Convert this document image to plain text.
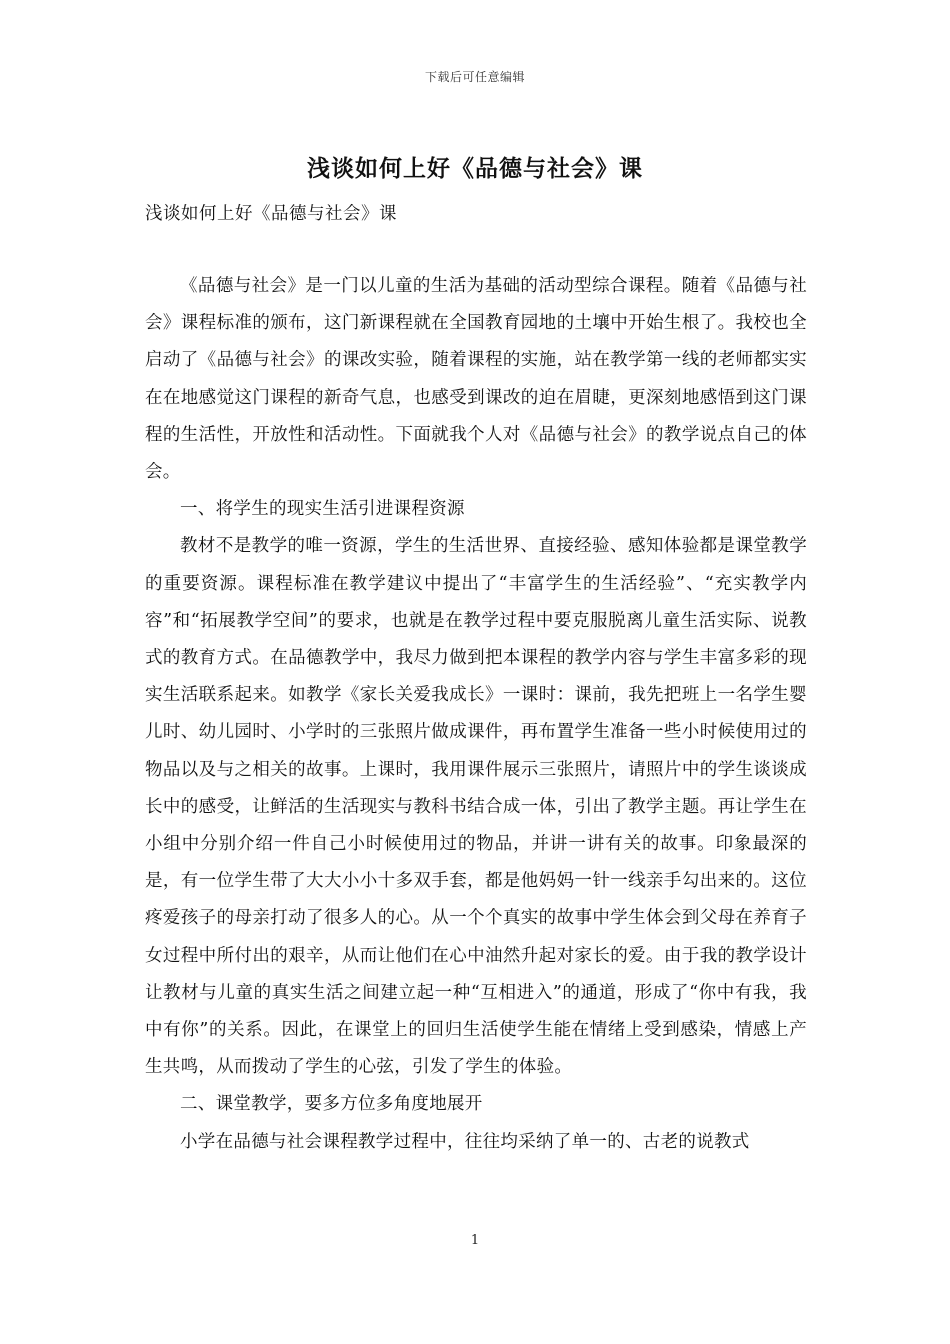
下载后可任意编辑
浅谈如何上好《品德与社会》课
浅谈如何上好《品德与社会》课

《品德与社会》是一门以儿童的生活为基础的活动型综合课程。随着《品德与社会》课程标准的颁布，这门新课程就在全国教育园地的土壤中开始生根了。我校也全启动了《品德与社会》的课改实验，随着课程的实施，站在教学第一线的老师都实实在在地感觉这门课程的新奇气息，也感受到课改的迫在眉睫，更深刻地感悟到这门课程的生活性，开放性和活动性。下面就我个人对《品德与社会》的教学说点自己的体会。

一、将学生的现实生活引进课程资源

教材不是教学的唯一资源，学生的生活世界、直接经验、感知体验都是课堂教学的重要资源。课程标准在教学建议中提出了“丰富学生的生活经验”、“充实教学内容”和“拓展教学空间”的要求，也就是在教学过程中要克服脱离儿童生活实际、说教式的教育方式。在品德教学中，我尽力做到把本课程的教学内容与学生丰富多彩的现实生活联系起来。如教学《家长关爱我成长》一课时：课前，我先把班上一名学生婴儿时、幼儿园时、小学时的三张照片做成课件，再布置学生准备一些小时候使用过的物品以及与之相关的故事。上课时，我用课件展示三张照片，请照片中的学生谈谈成长中的感受，让鲜活的生活现实与教科书结合成一体，引出了教学主题。再让学生在小组中分别介绍一件自己小时候使用过的物品，并讲一讲有关的故事。印象最深的是，有一位学生带了大大小小十多双手套，都是他妈妈一针一线亲手勾出来的。这位疼爱孩子的母亲打动了很多人的心。从一个个真实的故事中学生体会到父母在养育子女过程中所付出的艰辛，从而让他们在心中油然升起对家长的爱。由于我的教学设计让教材与儿童的真实生活之间建立起一种“互相进入”的通道，形成了“你中有我，我中有你”的关系。因此，在课堂上的回归生活使学生能在情绪上受到感染，情感上产生共鸣，从而拨动了学生的心弦，引发了学生的体验。

二、课堂教学，要多方位多角度地展开

小学在品德与社会课程教学过程中，往往均采纳了单一的、古老的说教式

1
